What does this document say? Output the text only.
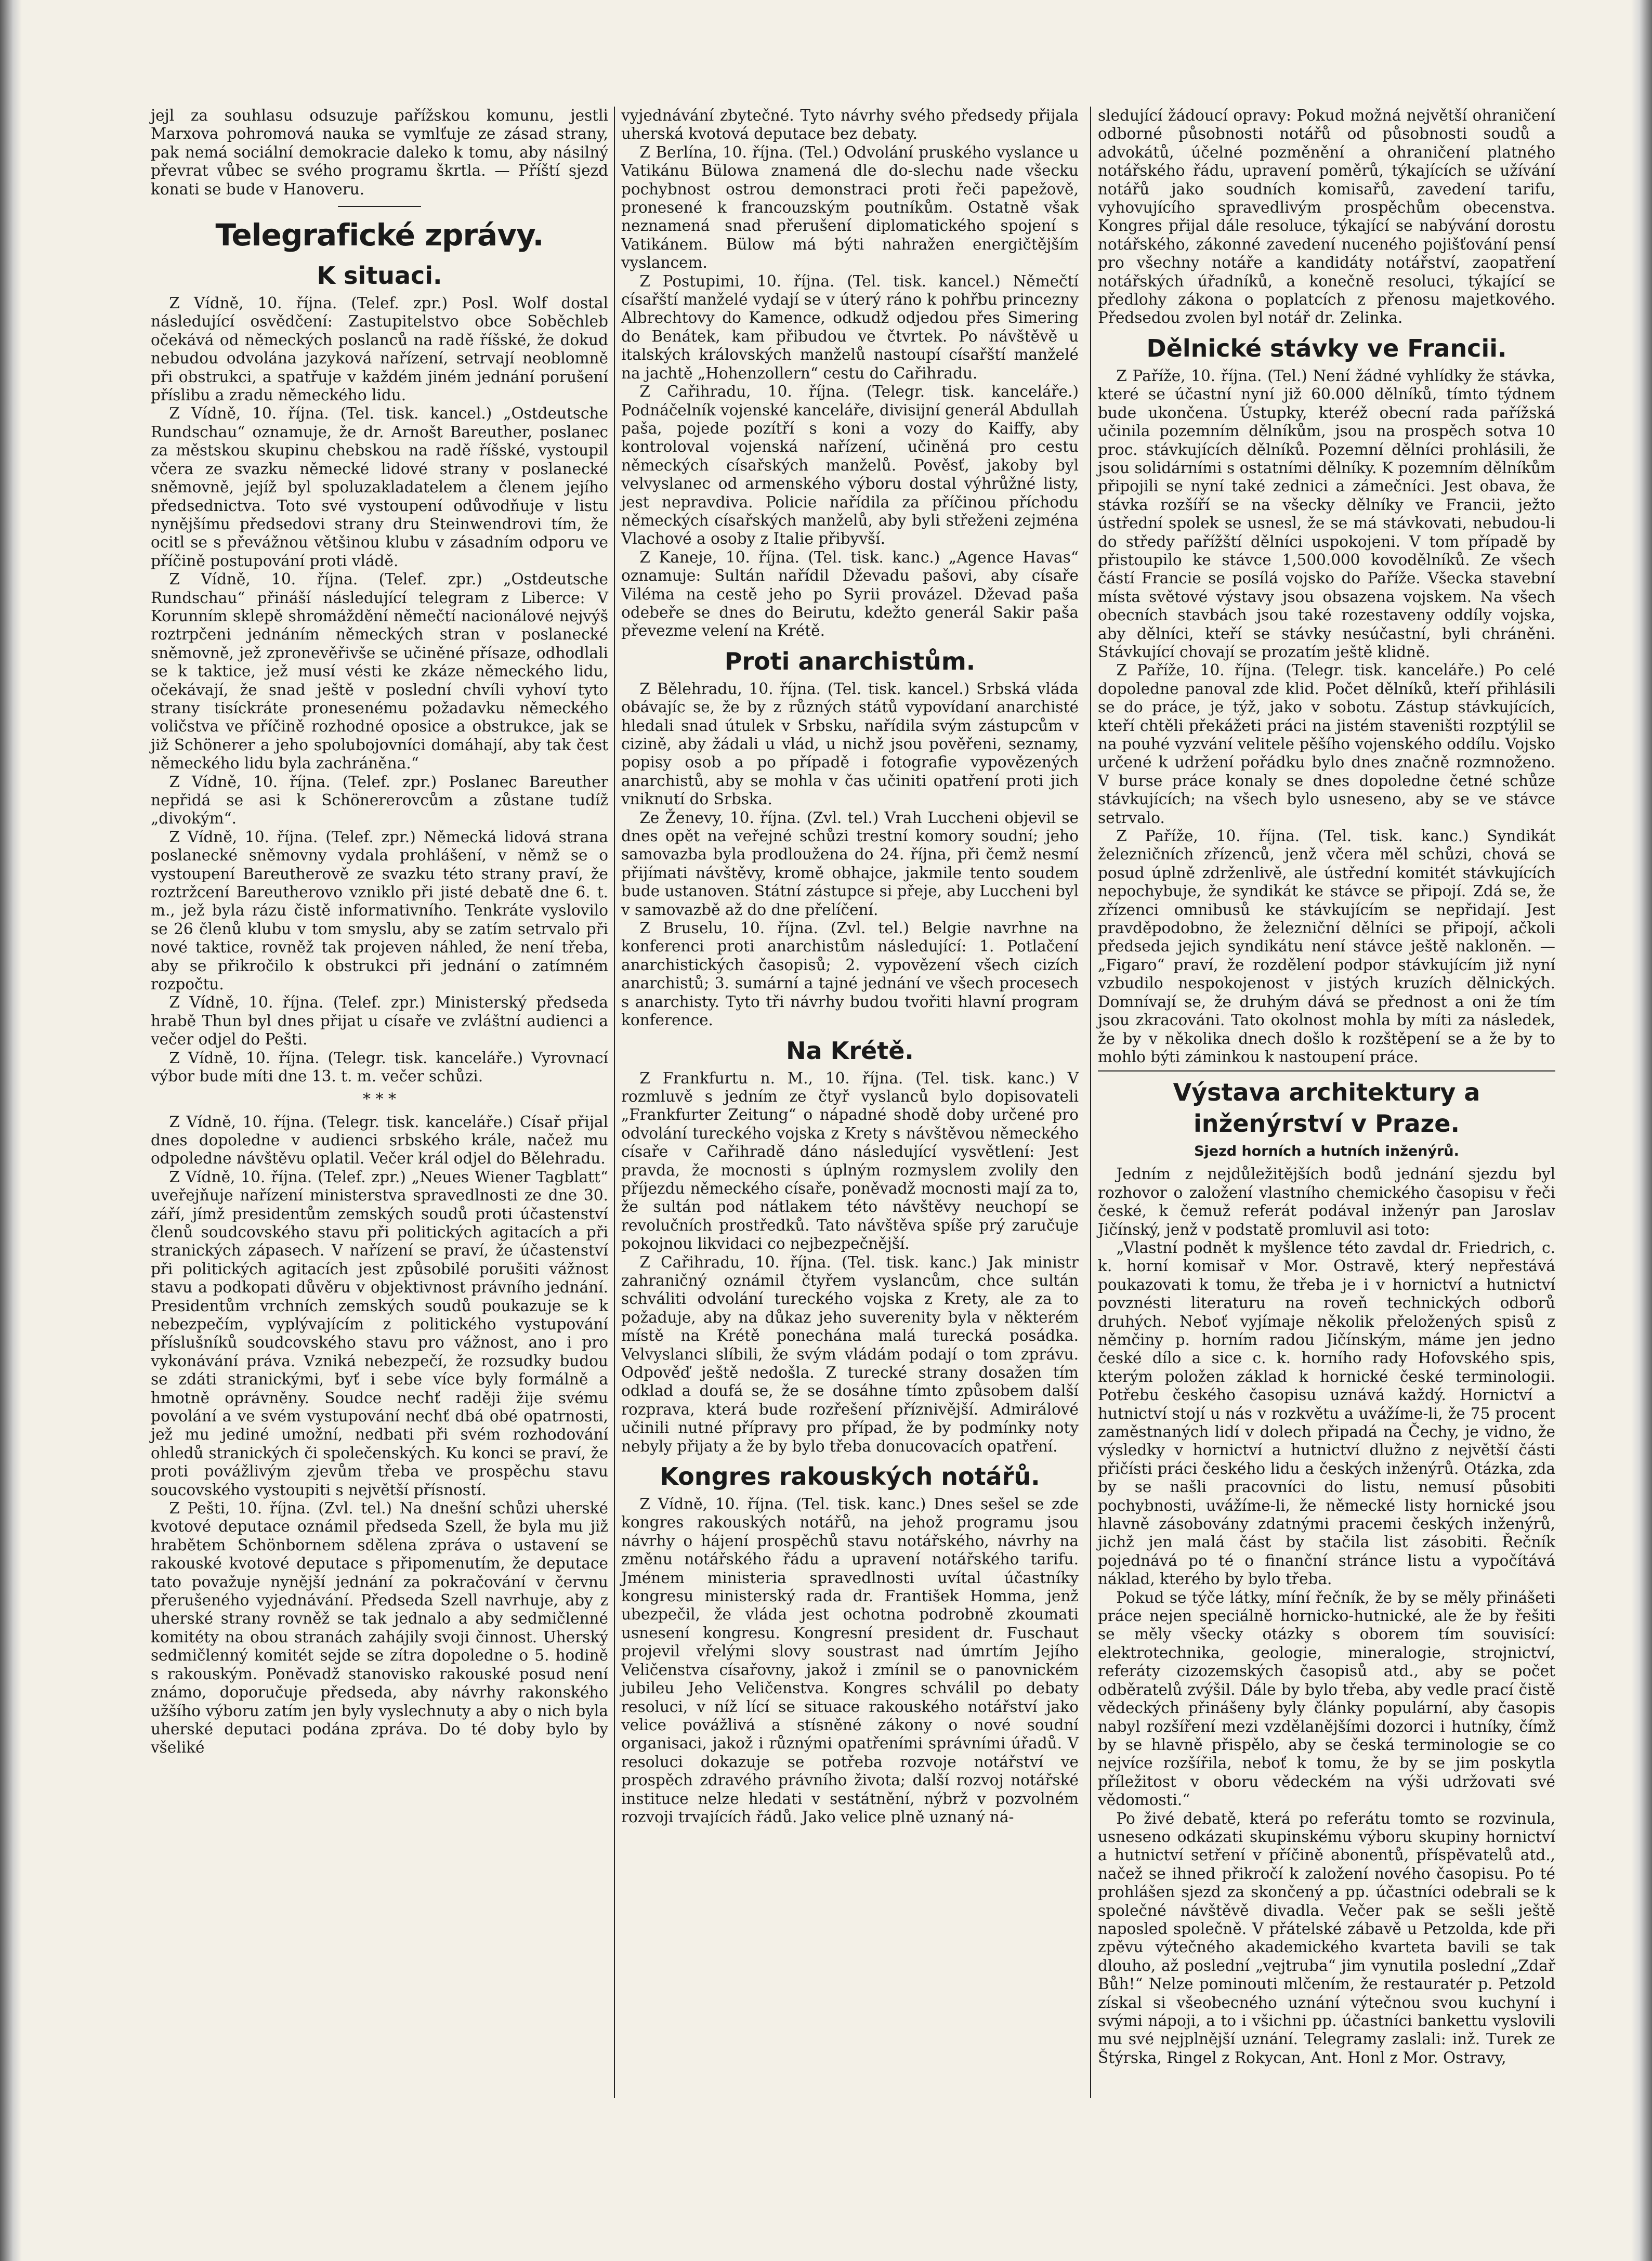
jejl za souhlasu odsuzuje pařížskou komunu, jestli Marxova pohromová nauka se vymlťuje ze zásad strany, pak nemá sociální demokracie daleko k tomu, aby násilný převrat vůbec se svého programu škrtla. — Příští sjezd konati se bude v Hanoveru.

Telegrafické zprávy.
K situaci.

Z Vídně, 10. října. (Telef. zpr.) Posl. Wolf dostal následující osvědčení: Zastupitelstvo obce Soběchleb očekává od německých poslanců na radě říšské, že dokud nebudou odvolána jazyková nařízení, setrvají neoblomně při obstrukci, a spatřuje v každém jiném jednání porušení příslibu a zradu německého lidu.

Z Vídně, 10. října. (Tel. tisk. kancel.) „Ostdeutsche Rundschau“ oznamuje, že dr. Arnošt Bareuther, poslanec za městskou skupinu chebskou na radě říšské, vystoupil včera ze svazku německé lidové strany v poslanecké sněmovně, jejíž byl spoluzakladatelem a členem jejího předsednictva. Toto své vystoupení odůvodňuje v listu nynějšímu předsedovi strany dru Steinwendrovi tím, že ocitl se s převážnou většinou klubu v zásadním odporu ve příčině postupování proti vládě.

Z Vídně, 10. října. (Telef. zpr.) „Ostdeutsche Rundschau“ přináší následující telegram z Liberce: V Korunním sklepě shromáždění němečtí nacionálové nejvýš roztrpčeni jednáním německých stran v poslanecké sněmovně, jež zpronevěřivše se učiněné přísaze, odhodlali se k taktice, jež musí vésti ke zkáze německého lidu, očekávají, že snad ještě v poslední chvíli vyhoví tyto strany tisíckráte pronesenému požadavku německého voličstva ve příčině rozhodné oposice a obstrukce, jak se již Schönerer a jeho spolubojovníci domáhají, aby tak čest německého lidu byla zachráněna.“

Z Vídně, 10. října. (Telef. zpr.) Poslanec Bareuther nepřidá se asi k Schönererovcům a zůstane tudíž „divokým“.

Z Vídně, 10. října. (Telef. zpr.) Německá lidová strana poslanecké sněmovny vydala prohlášení, v němž se o vystoupení Bareutherově ze svazku této strany praví, že roztržcení Bareutherovo vzniklo při jisté debatě dne 6. t. m., jež byla rázu čistě informativního. Tenkráte vyslovilo se 26 členů klubu v tom smyslu, aby se zatím setrvalo při nové taktice, rovněž tak projeven náhled, že není třeba, aby se přikročilo k obstrukci při jednání o zatímném rozpočtu.

Z Vídně, 10. října. (Telef. zpr.) Ministerský předseda hrabě Thun byl dnes přijat u císaře ve zvláštní audienci a večer odjel do Pešti.

Z Vídně, 10. října. (Telegr. tisk. kanceláře.) Vyrovnací výbor bude míti dne 13. t. m. večer schůzi.

* * *

Z Vídně, 10. října. (Telegr. tisk. kanceláře.) Císař přijal dnes dopoledne v audienci srbského krále, načež mu odpoledne návštěvu oplatil. Večer král odjel do Bělehradu.

Z Vídně, 10. října. (Telef. zpr.) „Neues Wiener Tagblatt“ uveřejňuje nařízení ministerstva spravedlnosti ze dne 30. září, jímž presidentům zemských soudů proti účastenství členů soudcovského stavu při politických agitacích a při stranických zápasech. V nařízení se praví, že účastenství při politických agitacích jest způsobilé porušiti vážnost stavu a podkopati důvěru v objektivnost právního jednání. Presidentům vrchních zemských soudů poukazuje se k nebezpečím, vyplývajícím z politického vystupování příslušníků soudcovského stavu pro vážnost, ano i pro vykonávání práva. Vzniká nebezpečí, že rozsudky budou se zdáti stranickými, byť i sebe více byly formálně a hmotně oprávněny. Soudce nechť raději žije svému povolání a ve svém vystupování nechť dbá obé opatrnosti, jež mu jediné umožní, nedbati při svém rozhodování ohledů stranických či společenských. Ku konci se praví, že proti povážlivým zjevům třeba ve prospěchu stavu soucovského vystoupiti s největší přísností.

Z Pešti, 10. října. (Zvl. tel.) Na dnešní schůzi uherské kvotové deputace oznámil předseda Szell, že byla mu již hrabětem Schönbornem sdělena zpráva o ustavení se rakouské kvotové deputace s připomenutím, že deputace tato považuje nynější jednání za pokračování v červnu přerušeného vyjednávání. Předseda Szell navrhuje, aby z uherské strany rovněž se tak jednalo a aby sedmičlenné komitéty na obou stranách zahájily svoji činnost. Uherský sedmičlenný komitét sejde se zítra dopoledne o 5. hodině s rakouským. Poněvadž stanovisko rakouské posud není známo, doporučuje předseda, aby návrhy rakonského užšího výboru zatím jen byly vyslechnuty a aby o nich byla uherské deputaci podána zpráva. Do té doby bylo by všeliké

vyjednávání zbytečné. Tyto návrhy svého předsedy přijala uherská kvotová deputace bez debaty.

Z Berlína, 10. října. (Tel.) Odvolání pruského vyslance u Vatikánu Bülowa znamená dle do-slechu nade všecku pochybnost ostrou demonstraci proti řeči papežově, pronesené k francouzským poutníkům. Ostatně však neznamená snad přerušení diplomatického spojení s Vatikánem. Bülow má býti nahražen energičtějším vyslancem.

Z Postupimi, 10. října. (Tel. tisk. kancel.) Němečtí císařští manželé vydají se v úterý ráno k pohřbu princezny Albrechtovy do Kamence, odkudž odjedou přes Simering do Benátek, kam přibudou ve čtvrtek. Po návštěvě u italských královských manželů nastoupí císařští manželé na jachtě „Hohenzollern“ cestu do Cařihradu.

Z Cařihradu, 10. října. (Telegr. tisk. kanceláře.) Podnáčelník vojenské kanceláře, divisijní generál Abdullah paša, pojede pozítří s koni a vozy do Kaiffy, aby kontroloval vojenská nařízení, učiněná pro cestu německých císařských manželů. Pověsť, jakoby byl velvyslanec od armenského výboru dostal výhrůžné listy, jest nepravdiva. Policie nařídila za příčinou příchodu německých císařských manželů, aby byli střeženi zejména Vlachové a osoby z Italie přibyvší.

Z Kaneje, 10. října. (Tel. tisk. kanc.) „Agence Havas“ oznamuje: Sultán nařídil Dževadu pašovi, aby císaře Viléma na cestě jeho po Syrii provázel. Dževad paša odebeře se dnes do Beirutu, kdežto generál Sakir paša převezme velení na Krétě.

Proti anarchistům.

Z Bělehradu, 10. října. (Tel. tisk. kancel.) Srbská vláda obávajíc se, že by z různých států vypovídaní anarchisté hledali snad útulek v Srbsku, nařídila svým zástupcům v cizině, aby žádali u vlád, u nichž jsou pověřeni, seznamy, popisy osob a po případě i fotografie vypovězených anarchistů, aby se mohla v čas učiniti opatření proti jich vniknutí do Srbska.

Ze Ženevy, 10. října. (Zvl. tel.) Vrah Luccheni objevil se dnes opět na veřejné schůzi trestní komory soudní; jeho samovazba byla prodloužena do 24. října, při čemž nesmí přijímati návštěvy, kromě obhajce, jakmile tento soudem bude ustanoven. Státní zástupce si přeje, aby Luccheni byl v samovazbě až do dne přelíčení.

Z Bruselu, 10. října. (Zvl. tel.) Belgie navrhne na konferenci proti anarchistům následující: 1. Potlačení anarchistických časopisů; 2. vypovězení všech cizích anarchistů; 3. sumární a tajné jednání ve všech procesech s anarchisty. Tyto tři návrhy budou tvořiti hlavní program konference.

Na Krétě.

Z Frankfurtu n. M., 10. října. (Tel. tisk. kanc.) V rozmluvě s jedním ze čtyř vyslanců bylo dopisovateli „Frankfurter Zeitung“ o nápadné shodě doby určené pro odvolání tureckého vojska z Krety s návštěvou německého císaře v Cařihradě dáno následující vysvětlení: Jest pravda, že mocnosti s úplným rozmyslem zvolily den příjezdu německého císaře, poněvadž mocnosti mají za to, že sultán pod nátlakem této návštěvy neuchopí se revolučních prostředků. Tato návštěva spíše prý zaručuje pokojnou likvidaci co nejbezpečnější.

Z Cařihradu, 10. října. (Tel. tisk. kanc.) Jak ministr zahraničný oznámil čtyřem vyslancům, chce sultán schváliti odvolání tureckého vojska z Krety, ale za to požaduje, aby na důkaz jeho suverenity byla v některém místě na Krétě ponechána malá turecká posádka. Velvyslanci slíbili, že svým vládám podají o tom zprávu. Odpověď ještě nedošla. Z turecké strany dosažen tím odklad a doufá se, že se dosáhne tímto způsobem další rozprava, která bude rozřešení příznivější. Admirálové učinili nutné přípravy pro případ, že by podmínky noty nebyly přijaty a že by bylo třeba donucovacích opatření.

Kongres rakouských notářů.

Z Vídně, 10. října. (Tel. tisk. kanc.) Dnes sešel se zde kongres rakouských notářů, na jehož programu jsou návrhy o hájení prospěchů stavu notářského, návrhy na změnu notářského řádu a upravení notářského tarifu. Jménem ministeria spravedlnosti uvítal účastníky kongresu ministerský rada dr. František Homma, jenž ubezpečil, že vláda jest ochotna podrobně zkoumati usnesení kongresu. Kongresní president dr. Fuschaut projevil vřelými slovy soustrast nad úmrtím Jejího Veličenstva císařovny, jakož i zmínil se o panovnickém jubileu Jeho Veličenstva. Kongres schválil po debaty resoluci, v níž lící se situace rakouského notářství jako velice povážlivá a stísněné zákony o nové soudní organisaci, jakož i různými opatřeními správními úřadů. V resoluci dokazuje se potřeba rozvoje notářství ve prospěch zdravého právního života; další rozvoj notářské instituce nelze hledati v sestátnění, nýbrž v pozvolném rozvoji trvajících řádů. Jako velice plně uznaný ná-

sledující žádoucí opravy: Pokud možná největší ohraničení odborné působnosti notářů od působnosti soudů a advokátů, účelné pozměnění a ohraničení platného notářského řádu, upravení poměrů, týkajících se užívání notářů jako soudních komisařů, zavedení tarifu, vyhovujícího spravedlivým prospěchům obecenstva. Kongres přijal dále resoluce, týkající se nabývání dorostu notářského, zákonné zavedení nuceného pojišťování pensí pro všechny notáře a kandidáty notářství, zaopatření notářských úřadníků, a konečně resoluci, týkající se předlohy zákona o poplatcích z přenosu majetkového. Předsedou zvolen byl notář dr. Zelinka.

Dělnické stávky ve Francii.

Z Paříže, 10. října. (Tel.) Není žádné vyhlídky že stávka, které se účastní nyní již 60.000 dělníků, tímto týdnem bude ukončena. Ústupky, kteréž obecní rada pařížská učinila pozemním dělníkům, jsou na prospěch sotva 10 proc. stávkujících dělníků. Pozemní dělníci prohlásili, že jsou solidárními s ostatními dělníky. K pozemním dělníkům připojili se nyní také zednici a zámečníci. Jest obava, že stávka rozšíří se na všecky dělníky ve Francii, ježto ústřední spolek se usnesl, že se má stávkovati, nebudou-li do středy pařížští dělníci uspokojeni. V tom případě by přistoupilo ke stávce 1,500.000 kovodělníků. Ze všech částí Francie se posílá vojsko do Paříže. Všecka stavební místa světové výstavy jsou obsazena vojskem. Na všech obecních stavbách jsou také rozestaveny oddíly vojska, aby dělníci, kteří se stávky nesúčastní, byli chráněni. Stávkující chovají se prozatím ještě klidně.

Z Paříže, 10. října. (Telegr. tisk. kanceláře.) Po celé dopoledne panoval zde klid. Počet dělníků, kteří přihlásili se do práce, je týž, jako v sobotu. Zástup stávkujících, kteří chtěli překážeti práci na jistém staveništi rozptýlil se na pouhé vyzvání velitele pěšího vojenského oddílu. Vojsko určené k udržení pořádku bylo dnes značně rozmnoženo. V burse práce konaly se dnes dopoledne četné schůze stávkujících; na všech bylo usneseno, aby se ve stávce setrvalo.

Z Paříže, 10. října. (Tel. tisk. kanc.) Syndikát železničních zřízenců, jenž včera měl schůzi, chová se posud úplně zdrženlivě, ale ústřední komitét stávkujících nepochybuje, že syndikát ke stávce se připojí. Zdá se, že zřízenci omnibusů ke stávkujícím se nepřidají. Jest pravděpodobno, že železniční dělníci se připojí, ačkoli předseda jejich syndikátu není stávce ještě nakloněn. — „Figaro“ praví, že rozdělení podpor stávkujícím již nyní vzbudilo nespokojenost v jistých kruzích dělnických. Domnívají se, že druhým dává se přednost a oni že tím jsou zkracováni. Tato okolnost mohla by míti za následek, že by v několika dnech došlo k rozštěpení se a že by to mohlo býti záminkou k nastoupení práce.

Výstava architektury a inženýrství v Praze.
Sjezd horních a hutních inženýrů.

Jedním z nejdůležitějších bodů jednání sjezdu byl rozhovor o založení vlastního chemického časopisu v řeči české, k čemuž referát podával inženýr pan Jaroslav Jičínský, jenž v podstatě promluvil asi toto:

„Vlastní podnět k myšlence této zavdal dr. Friedrich, c. k. horní komisař v Mor. Ostravě, který nepřestává poukazovati k tomu, že třeba je i v hornictví a hutnictví povznésti literaturu na roveň technických odborů druhých. Neboť vyjímaje několik přeložených spisů z němčiny p. horním radou Jičínským, máme jen jedno české dílo a sice c. k. horního rady Hofovského spis, kterým položen základ k hornické české terminologii. Potřebu českého časopisu uznává každý. Hornictví a hutnictví stojí u nás v rozkvětu a uvážíme-li, že 75 procent zaměstnaných lidí v dolech připadá na Čechy, je vidno, že výsledky v hornictví a hutnictví dlužno z největší části přičísti práci českého lidu a českých inženýrů. Otázka, zda by se našli pracovníci do listu, nemusí působiti pochybnosti, uvážíme-li, že německé listy hornické jsou hlavně zásobovány zdatnými pracemi českých inženýrů, jichž jen malá část by stačila list zásobiti. Řečník pojednává po té o finanční stránce listu a vypočítává náklad, kterého by bylo třeba.

Pokud se týče látky, míní řečník, že by se měly přinášeti práce nejen speciálně hornicko-hutnické, ale že by řešiti se měly všecky otázky s oborem tím souvisící: elektrotechnika, geologie, mineralogie, strojnictví, referáty cizozemských časopisů atd., aby se počet odběratelů zvýšil. Dále by bylo třeba, aby vedle prací čistě vědeckých přinášeny byly články populární, aby časopis nabyl rozšíření mezi vzdělanějšími dozorci i hutníky, čímž by se hlavně přispělo, aby se česká terminologie se co nejvíce rozšířila, neboť k tomu, že by se jim poskytla příležitost v oboru vědeckém na výši udržovati své vědomosti.“

Po živé debatě, která po referátu tomto se rozvinula, usneseno odkázati skupinskému výboru skupiny hornictví a hutnictví setření v příčině abonentů, příspěvatelů atd., načež se ihned přikročí k založení nového časopisu. Po té prohlášen sjezd za skončený a pp. účastníci odebrali se k společné návštěvě divadla. Večer pak se sešli ještě naposled společně. V přátelské zábavě u Petzolda, kde při zpěvu výtečného akademického kvarteta bavili se tak dlouho, až poslední „vejtruba“ jim vynutila poslední „Zdař Bůh!“ Nelze pominouti mlčením, že restauratér p. Petzold získal si všeobecného uznání výtečnou svou kuchyní i svými nápoji, a to i všichni pp. účastníci bankettu vyslovili mu své nejplnější uznání. Telegramy zaslali: inž. Turek ze Štýrska, Ringel z Rokycan, Ant. Honl z Mor. Ostravy,
